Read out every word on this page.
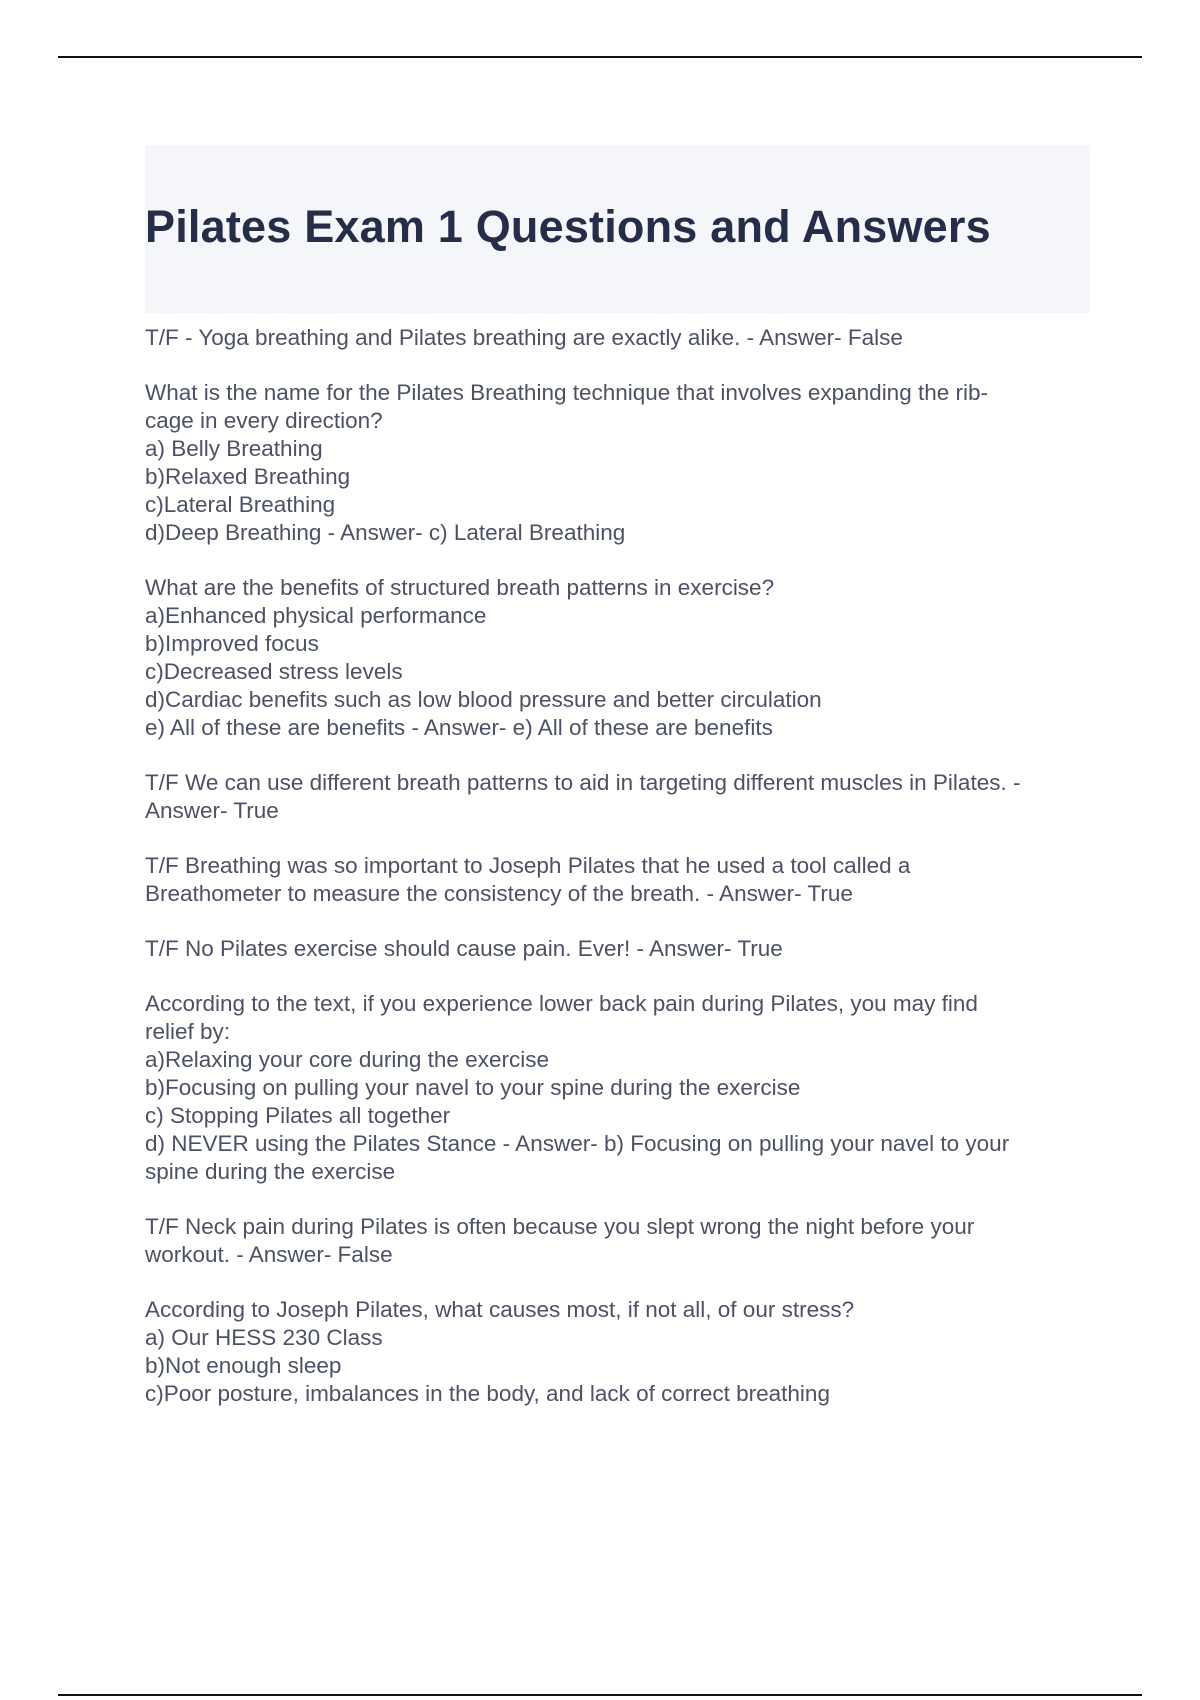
Pilates Exam 1 Questions and Answers
T/F - Yoga breathing and Pilates breathing are exactly alike. - Answer- False
What is the name for the Pilates Breathing technique that involves expanding the rib-
cage in every direction?
a) Belly Breathing
b)Relaxed Breathing
c)Lateral Breathing
d)Deep Breathing - Answer- c) Lateral Breathing
What are the benefits of structured breath patterns in exercise?
a)Enhanced physical performance
b)Improved focus
c)Decreased stress levels
d)Cardiac benefits such as low blood pressure and better circulation
e) All of these are benefits - Answer- e) All of these are benefits
T/F We can use different breath patterns to aid in targeting different muscles in Pilates. -
Answer- True
T/F Breathing was so important to Joseph Pilates that he used a tool called a
Breathometer to measure the consistency of the breath. - Answer- True
T/F No Pilates exercise should cause pain. Ever! - Answer- True
According to the text, if you experience lower back pain during Pilates, you may find
relief by:
a)Relaxing your core during the exercise
b)Focusing on pulling your navel to your spine during the exercise
c) Stopping Pilates all together
d) NEVER using the Pilates Stance - Answer- b) Focusing on pulling your navel to your
spine during the exercise
T/F Neck pain during Pilates is often because you slept wrong the night before your
workout. - Answer- False
According to Joseph Pilates, what causes most, if not all, of our stress?
a) Our HESS 230 Class
b)Not enough sleep
c)Poor posture, imbalances in the body, and lack of correct breathing
